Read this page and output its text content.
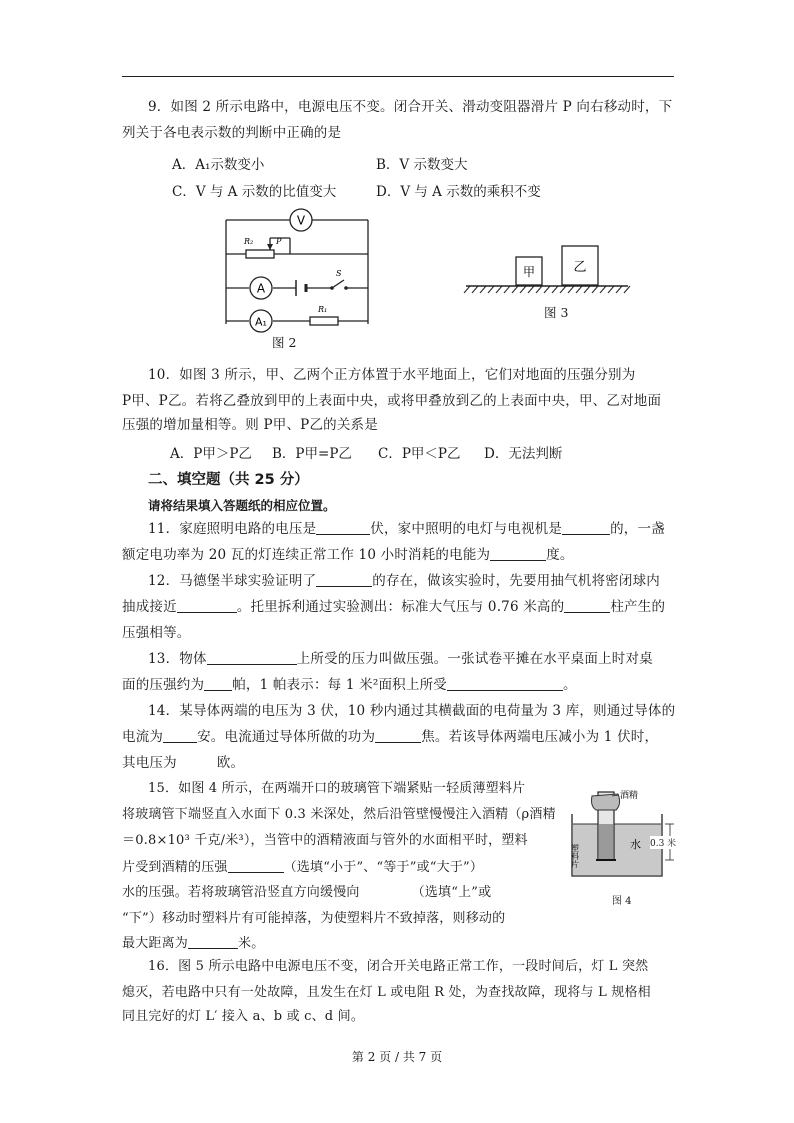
9．如图 2 所示电路中，电源电压不变。闭合开关、滑动变阻器滑片 P 向右移动时，下
列关于各电表示数的判断中正确的是
A．A₁示数变小	B．V 示数变大
C．V 与 A 示数的比值变大	D．V 与 A 示数的乘积不变
V
R₂	P
A
S
A₁
R₁
图 2
甲	乙
图 3
10．如图 3 所示，甲、乙两个正方体置于水平地面上，它们对地面的压强分别为
P甲、P乙。若将乙叠放到甲的上表面中央，或将甲叠放到乙的上表面中央，甲、乙对地面
压强的增加量相等。则 P甲、P乙的关系是
A．P甲＞P乙 B．P甲=P乙 C．P甲＜P乙 D．无法判断
二、填空题（共 25 分）
请将结果填入答题纸的相应位置。
11．家庭照明电路的电压是	伏，家中照明的电灯与电视机是	的，一盏
额定电功率为 20 瓦的灯连续正常工作 10 小时消耗的电能为	度。
12．马德堡半球实验证明了	的存在，做该实验时，先要用抽气机将密闭球内
抽成接近	。托里拆利通过实验测出：标准大气压与 0.76 米高的	柱产生的
压强相等。
13．物体	上所受的压力叫做压强。一张试卷平摊在水平桌面上时对桌
面的压强约为 帕，1 帕表示：每 1 米²面积上所受	。
14．某导体两端的电压为 3 伏，10 秒内通过其横截面的电荷量为 3 库，则通过导体的
电流为	安。电流通过导体所做的功为	焦。若该导体两端电压减小为 1 伏时，
其电压为	欧。
15．如图 4 所示，在两端开口的玻璃管下端紧贴一轻质薄塑料片
将玻璃管下端竖直入水面下 0.3 米深处，然后沿管壁慢慢注入酒精（ρ酒精
＝0.8×10³ 千克/米³），当管中的酒精液面与管外的水面相平时，塑料
片受到酒精的压强	（选填“小于”、“等于”或“大于”）
水的压强。若将玻璃管沿竖直方向缓慢向	（选填“上”或
“下”）移动时塑料片有可能掉落，为使塑料片不致掉落，则移动的
最大距离为	米。
酒精
水
塑料片	0.3 米
图 4
16．图 5 所示电路中电源电压不变，闭合开关电路正常工作，一段时间后，灯 L 突然
熄灭，若电路中只有一处故障，且发生在灯 L 或电阻 R 处，为查找故障，现将与 L 规格相
同且完好的灯 L′ 接入 a、b 或 c、d 间。
第 2 页 / 共 7 页
